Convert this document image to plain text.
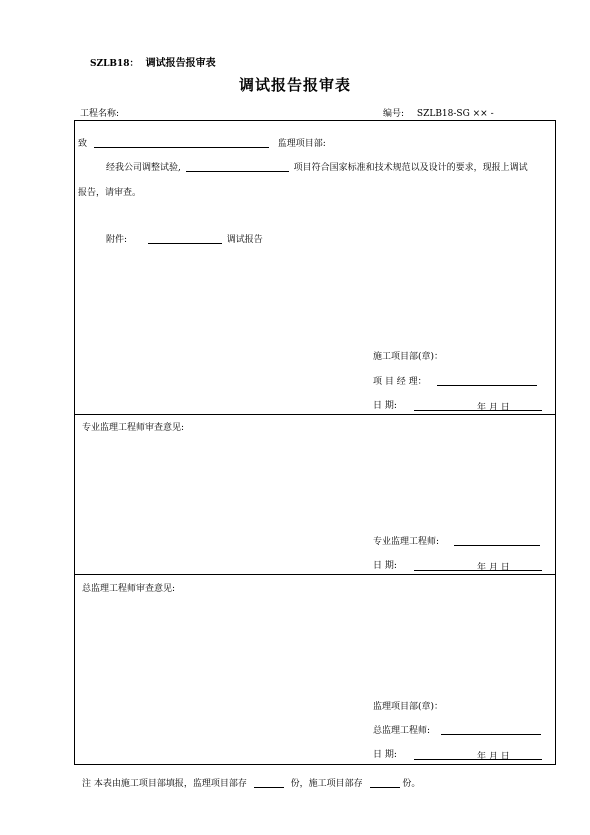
SZLB18： 调试报告报审表
调试报告报审表
工程名称:	编号: SZLB18-SG ×× -
致	监理项目部:
经我公司调整试验,	项目符合国家标准和技术规范以及设计的要求，现报上调试
报告，请审查。
附件:	调试报告
施工项目部(章)：
项 目 经 理：
日 期:	年 月 日
专业监理工程师审查意见:
专业监理工程师:
日 期:	年 月 日
总监理工程师审查意见:
监理项目部(章)：
总监理工程师:
日 期:	年 月 日
注 本表由施工项目部填报，监理项目部存	份，施工项目部存	份。
